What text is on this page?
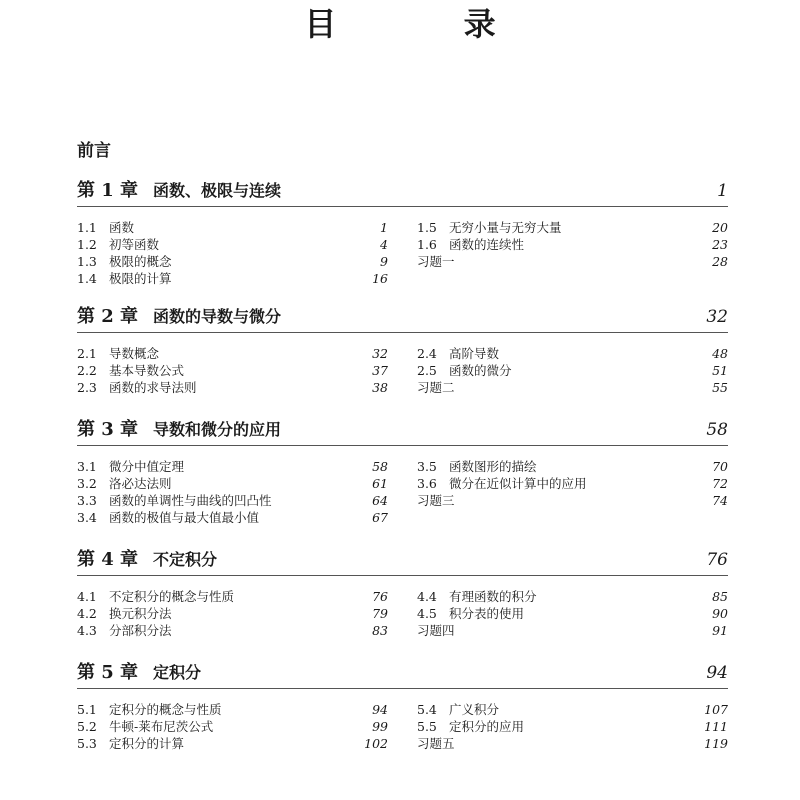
目 录
前言
第 1 章 函数、极限与连续	1
1.1 函数	1
1.2 初等函数	4
1.3 极限的概念	9
1.4 极限的计算	16
1.5 无穷小量与无穷大量	20
1.6 函数的连续性	23
习题一	28
第 2 章 函数的导数与微分	32
2.1 导数概念	32
2.2 基本导数公式	37
2.3 函数的求导法则	38
2.4 高阶导数	48
2.5 函数的微分	51
习题二	55
第 3 章 导数和微分的应用	58
3.1 微分中值定理	58
3.2 洛必达法则	61
3.3 函数的单调性与曲线的凹凸性	64
3.4 函数的极值与最大值最小值	67
3.5 函数图形的描绘	70
3.6 微分在近似计算中的应用	72
习题三	74
第 4 章 不定积分	76
4.1 不定积分的概念与性质	76
4.2 换元积分法	79
4.3 分部积分法	83
4.4 有理函数的积分	85
4.5 积分表的使用	90
习题四	91
第 5 章 定积分	94
5.1 定积分的概念与性质	94
5.2 牛顿-莱布尼茨公式	99
5.3 定积分的计算	102
5.4 广义积分	107
5.5 定积分的应用	111
习题五	119
